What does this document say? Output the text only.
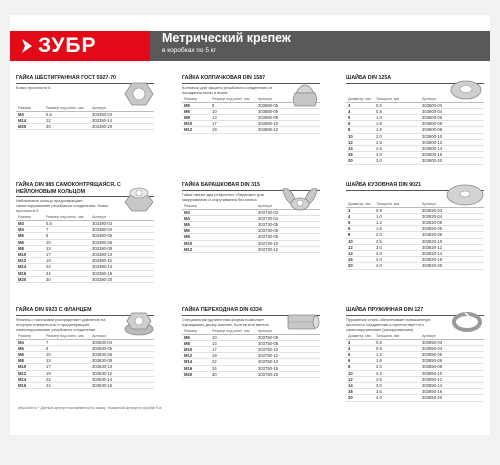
ЗУБР	Метрический крепеж
в коробках по 5 кг
ГАЙКА ШЕСТИГРАННАЯ ГОСТ 5927-70
Класс прочности 6
Размер	Размер под ключ, мм	Артикул
M3	5.5	303350-03
M14	22	303350-14
M20	30	303350-20
ГАЙКА DIN 985 САМОКОНТРЯЩАЯСЯ, С НЕЙЛОНОВЫМ КОЛЬЦОМ
Нейлоновое кольцо предотвращает самооткручивание резьбового соединения. Класс прочности 6
Размер	Размер под ключ, мм	Артикул
M3	5.5	303380-03
M4	7	303380-04
M5	8	303380-05
M6	10	303380-06
M8	13	303380-08
M10	17	303380-10
M12	19	303380-12
M14	22	303380-14
M16	24	303380-16
M20	30	303380-20
ГАЙКА DIN 6923 С ФЛАНЦЕМ
Фланец с насечками распределяет давление на опорную поверхность и предотвращает самооткручивание резьбового соединения
Размер	Размер под ключ, мм	Артикул
M4	7	303630-04
M5	8	303630-05
M6	10	303630-06
M8	13	303630-08
M10	17	303630-10
M12	19	303630-12
M14	22	303630-14
M16	24	303630-16
ГАЙКА КОЛПАЧКОВАЯ DIN 1587
Колпачок для защиты резьбового соединения от попадания пыли и влаги
Размер	Размер под ключ, мм	Артикул
M5	8	303680-05
M6	10	303680-06
M8	13	303680-08
M10	17	303680-10
M12	19	303680-12
ГАЙКА БАРАШКОВАЯ DIN 315
Гайки имеют два ребристых «барашка» для закручивания и откручивания без ключа
Размер	Артикул
M3	303730-03
M4	303730-04
M5	303730-05
M6	303730-06
M8	303730-08
M10	303730-10
M12	303730-12
ГАЙКА ПЕРЕХОДНАЯ DIN 6334
Специальная удлиненная форма позволяет наращивать длину шпилек, болтов или винтов
Размер	Размер под ключ, мм	Артикул
M6	10	303750-06
M8	13	303750-08
M10	17	303750-10
M12	19	303750-12
M14	22	303750-14
M16	24	303750-16
M20	30	303750-20
ШАЙБА DIN 125A
Диаметр, мм	Толщина, мм	Артикул
3	0.5	303800-03
4	0.8	303800-04
5	1.0	303800-05
6	1.6	303800-06
8	1.6	303800-08
10	2.0	303800-10
12	2.5	303800-12
14	2.5	303800-14
16	3.0	303800-16
20	3.0	303800-20
ШАЙБА КУЗОВНАЯ DIN 9021
Диаметр, мм	Толщина, мм	Артикул
3	0.8	303820-03
4	1.0	303820-04
5	1.2	303820-05
6	1.6	303820-06
8	2.0	303820-08
10	2.5	303820-10
12	3.0	303820-12
14	3.0	303820-14
16	3.0	303820-16
20	4.0	303820-20
ШАЙБА ПРУЖИННАЯ DIN 127
Пружинная сталь обеспечивает повышенную прочность соединения и препятствует его самооткручиванию (раскручиванию)
Диаметр, мм	Толщина, мм	Артикул
3	0.8	303850-03
4	0.9	303850-04
5	1.2	303850-05
6	1.6	303850-06
8	2.0	303850-08
10	2.2	303850-10
12	2.5	303850-12
14	3.0	303850-14
16	3.5	303850-16
20	4.0	303850-20
www.zubr.ru * Данный артикул поставляется по заказу. Указанный артикул в коробке 5 кг.
